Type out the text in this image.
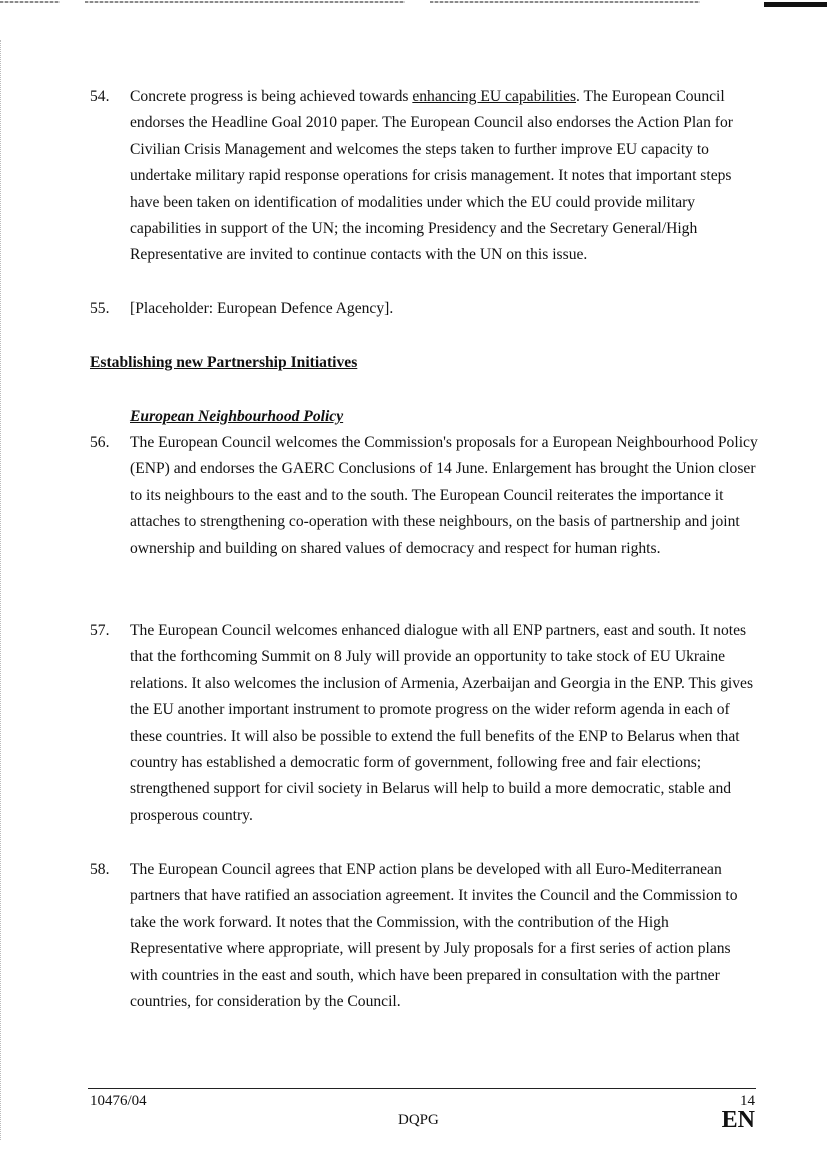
54. Concrete progress is being achieved towards enhancing EU capabilities. The European Council endorses the Headline Goal 2010 paper. The European Council also endorses the Action Plan for Civilian Crisis Management and welcomes the steps taken to further improve EU capacity to undertake military rapid response operations for crisis management. It notes that important steps have been taken on identification of modalities under which the EU could provide military capabilities in support of the UN; the incoming Presidency and the Secretary General/High Representative are invited to continue contacts with the UN on this issue.
55. [Placeholder: European Defence Agency].
Establishing new Partnership Initiatives
European Neighbourhood Policy
56. The European Council welcomes the Commission's proposals for a European Neighbourhood Policy (ENP) and endorses the GAERC Conclusions of 14 June. Enlargement has brought the Union closer to its neighbours to the east and to the south. The European Council reiterates the importance it attaches to strengthening co-operation with these neighbours, on the basis of partnership and joint ownership and building on shared values of democracy and respect for human rights.
57. The European Council welcomes enhanced dialogue with all ENP partners, east and south. It notes that the forthcoming Summit on 8 July will provide an opportunity to take stock of EU Ukraine relations. It also welcomes the inclusion of Armenia, Azerbaijan and Georgia in the ENP. This gives the EU another important instrument to promote progress on the wider reform agenda in each of these countries. It will also be possible to extend the full benefits of the ENP to Belarus when that country has established a democratic form of government, following free and fair elections; strengthened support for civil society in Belarus will help to build a more democratic, stable and prosperous country.
58. The European Council agrees that ENP action plans be developed with all Euro-Mediterranean partners that have ratified an association agreement. It invites the Council and the Commission to take the work forward. It notes that the Commission, with the contribution of the High Representative where appropriate, will present by July proposals for a first series of action plans with countries in the east and south, which have been prepared in consultation with the partner countries, for consideration by the Council.
10476/04
DQPG
14
EN
